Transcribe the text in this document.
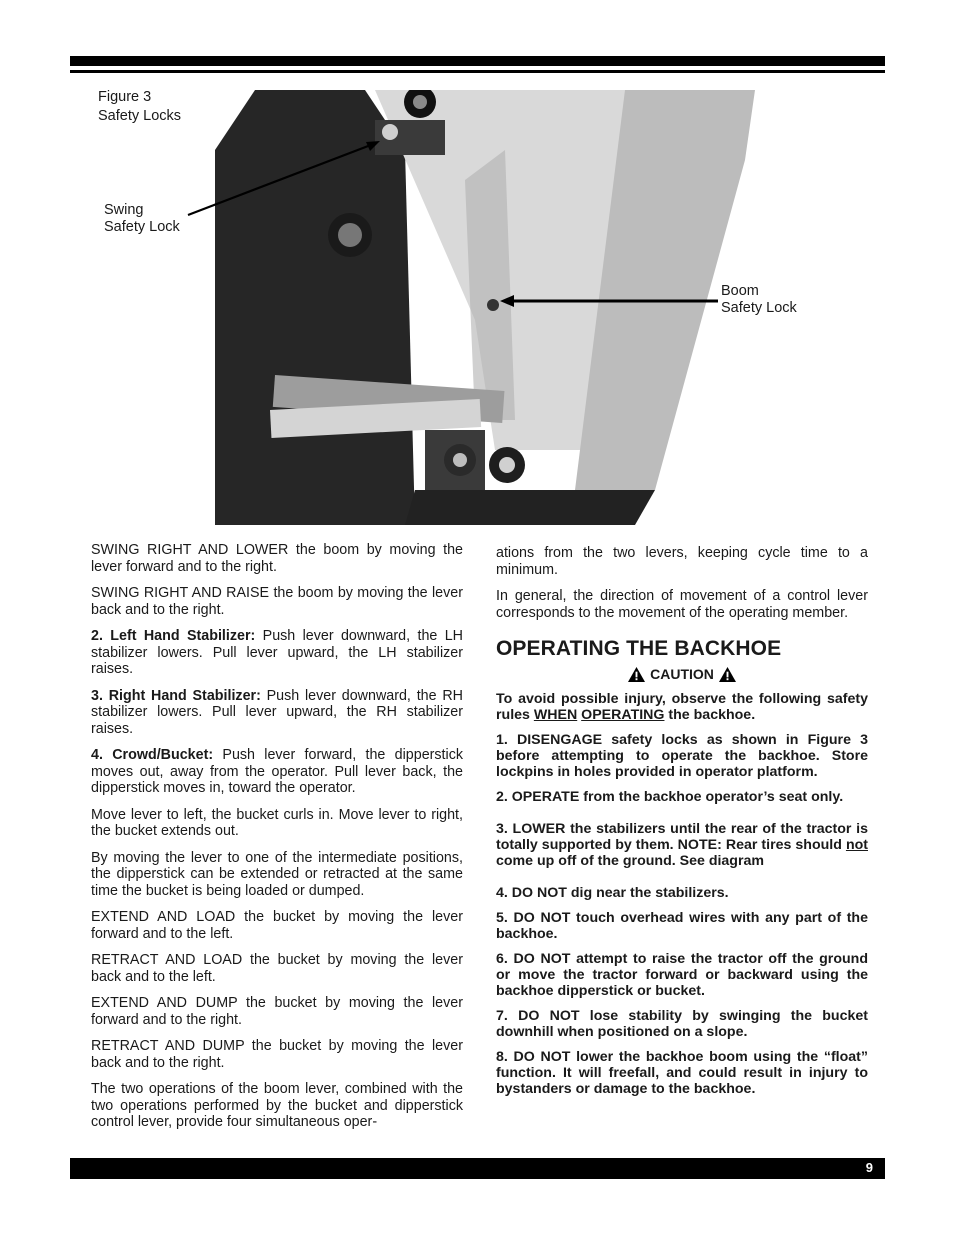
Figure 3
Safety Locks
Swing
Safety Lock
Boom
Safety Lock

SWING RIGHT AND LOWER the boom by moving the lever forward and to the right.

SWING RIGHT AND RAISE the boom by moving the lever back and to the right.

2. Left Hand Stabilizer: Push lever downward, the LH stabilizer lowers. Pull lever upward, the LH stabilizer raises.

3. Right Hand Stabilizer: Push lever downward, the RH stabilizer lowers. Pull lever upward, the RH stabilizer raises.

4. Crowd/Bucket: Push lever forward, the dipperstick moves out, away from the operator. Pull lever back, the dipperstick moves in, toward the operator.

Move lever to left, the bucket curls in. Move lever to right, the bucket extends out.

By moving the lever to one of the intermediate positions, the dipperstick can be extended or retracted at the same time the bucket is being loaded or dumped.

EXTEND AND LOAD the bucket by moving the lever forward and to the left.

RETRACT AND LOAD the bucket by moving the lever back and to the left.

EXTEND AND DUMP the bucket by moving the lever forward and to the right.

RETRACT AND DUMP the bucket by moving the lever back and to the right.

The two operations of the boom lever, combined with the two operations performed by the bucket and dipperstick control lever, provide four simultaneous oper-

ations from the two levers, keeping cycle time to a minimum.

In general, the direction of movement of a control lever corresponds to the movement of the operating member.

OPERATING THE BACKHOE
CAUTION

To avoid possible injury, observe the following safety rules WHEN OPERATING the backhoe.

1. DISENGAGE safety locks as shown in Figure 3 before attempting to operate the backhoe. Store lockpins in holes provided in operator platform.

2. OPERATE from the backhoe operator’s seat only.

3. LOWER the stabilizers until the rear of the tractor is totally supported by them. NOTE: Rear tires should not come up off of the ground. See diagram

4. DO NOT dig near the stabilizers.

5. DO NOT touch overhead wires with any part of the backhoe.

6. DO NOT attempt to raise the tractor off the ground or move the tractor forward or backward using the backhoe dipperstick or bucket.

7. DO NOT lose stability by swinging the bucket downhill when positioned on a slope.

8. DO NOT lower the backhoe boom using the “float” function. It will freefall, and could result in injury to bystanders or damage to the backhoe.

9
